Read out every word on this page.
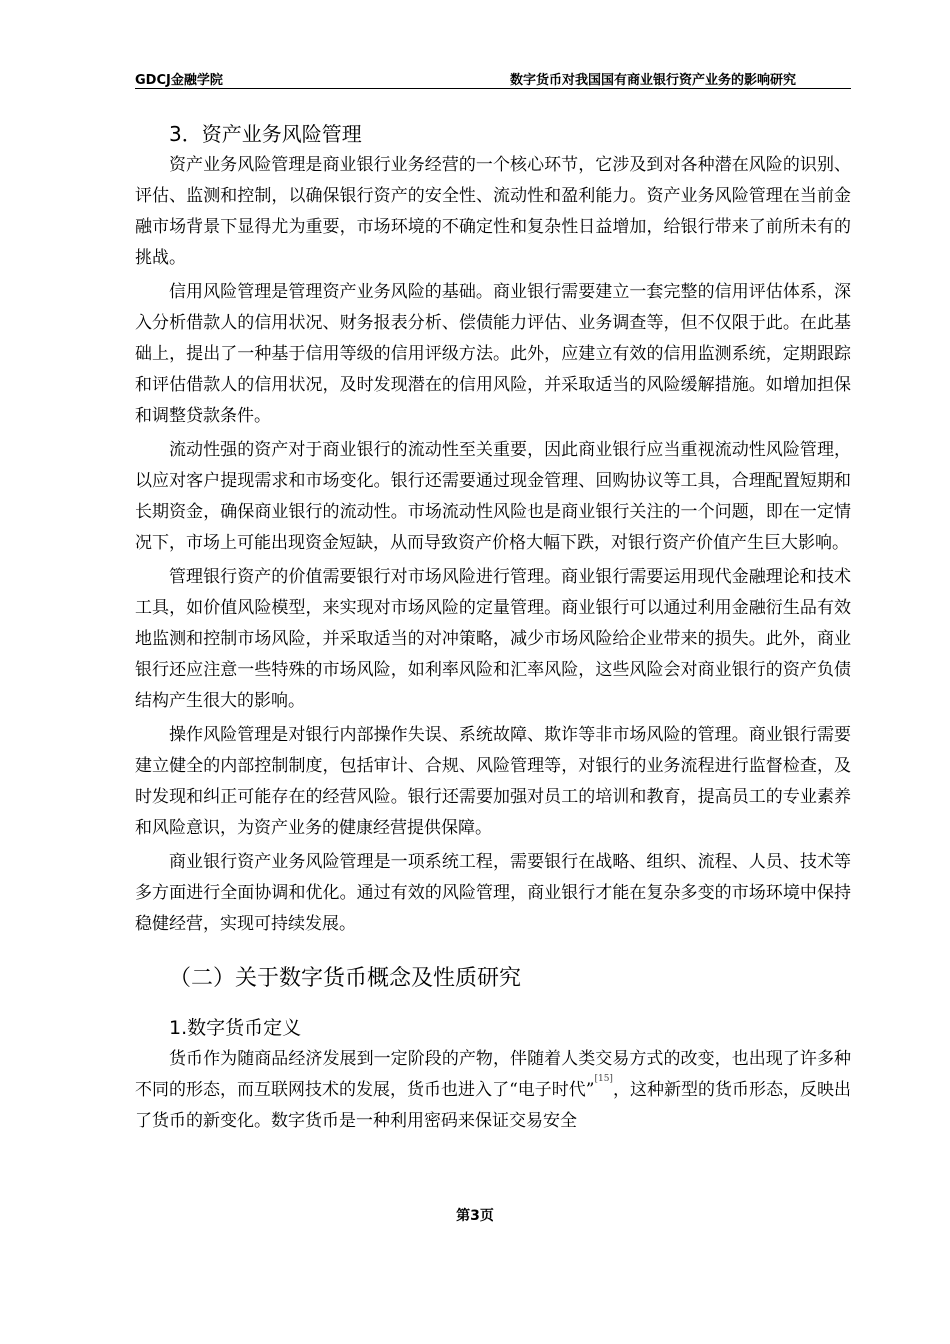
GDCJ金融学院	数字货币对我国国有商业银行资产业务的影响研究
3．资产业务风险管理

资产业务风险管理是商业银行业务经营的一个核心环节，它涉及到对各种潜在风险的识别、评估、监测和控制，以确保银行资产的安全性、流动性和盈利能力。资产业务风险管理在当前金融市场背景下显得尤为重要，市场环境的不确定性和复杂性日益增加，给银行带来了前所未有的挑战。

信用风险管理是管理资产业务风险的基础。商业银行需要建立一套完整的信用评估体系，深入分析借款人的信用状况、财务报表分析、偿债能力评估、业务调查等，但不仅限于此。在此基础上，提出了一种基于信用等级的信用评级方法。此外，应建立有效的信用监测系统，定期跟踪和评估借款人的信用状况，及时发现潜在的信用风险，并采取适当的风险缓解措施。如增加担保和调整贷款条件。

流动性强的资产对于商业银行的流动性至关重要，因此商业银行应当重视流动性风险管理，以应对客户提现需求和市场变化。银行还需要通过现金管理、回购协议等工具，合理配置短期和长期资金，确保商业银行的流动性。市场流动性风险也是商业银行关注的一个问题，即在一定情况下，市场上可能出现资金短缺，从而导致资产价格大幅下跌，对银行资产价值产生巨大影响。

管理银行资产的价值需要银行对市场风险进行管理。商业银行需要运用现代金融理论和技术工具，如价值风险模型，来实现对市场风险的定量管理。商业银行可以通过利用金融衍生品有效地监测和控制市场风险，并采取适当的对冲策略，减少市场风险给企业带来的损失。此外，商业银行还应注意一些特殊的市场风险，如利率风险和汇率风险，这些风险会对商业银行的资产负债结构产生很大的影响。

操作风险管理是对银行内部操作失误、系统故障、欺诈等非市场风险的管理。商业银行需要建立健全的内部控制制度，包括审计、合规、风险管理等，对银行的业务流程进行监督检查，及时发现和纠正可能存在的经营风险。银行还需要加强对员工的培训和教育，提高员工的专业素养和风险意识，为资产业务的健康经营提供保障。

商业银行资产业务风险管理是一项系统工程，需要银行在战略、组织、流程、人员、技术等多方面进行全面协调和优化。通过有效的风险管理，商业银行才能在复杂多变的市场环境中保持稳健经营，实现可持续发展。

（二）关于数字货币概念及性质研究
1.数字货币定义

货币作为随商品经济发展到一定阶段的产物，伴随着人类交易方式的改变，也出现了许多种不同的形态，而互联网技术的发展，货币也进入了“电子时代”[15]，这种新型的货币形态，反映出了货币的新变化。数字货币是一种利用密码来保证交易安全

第3页
